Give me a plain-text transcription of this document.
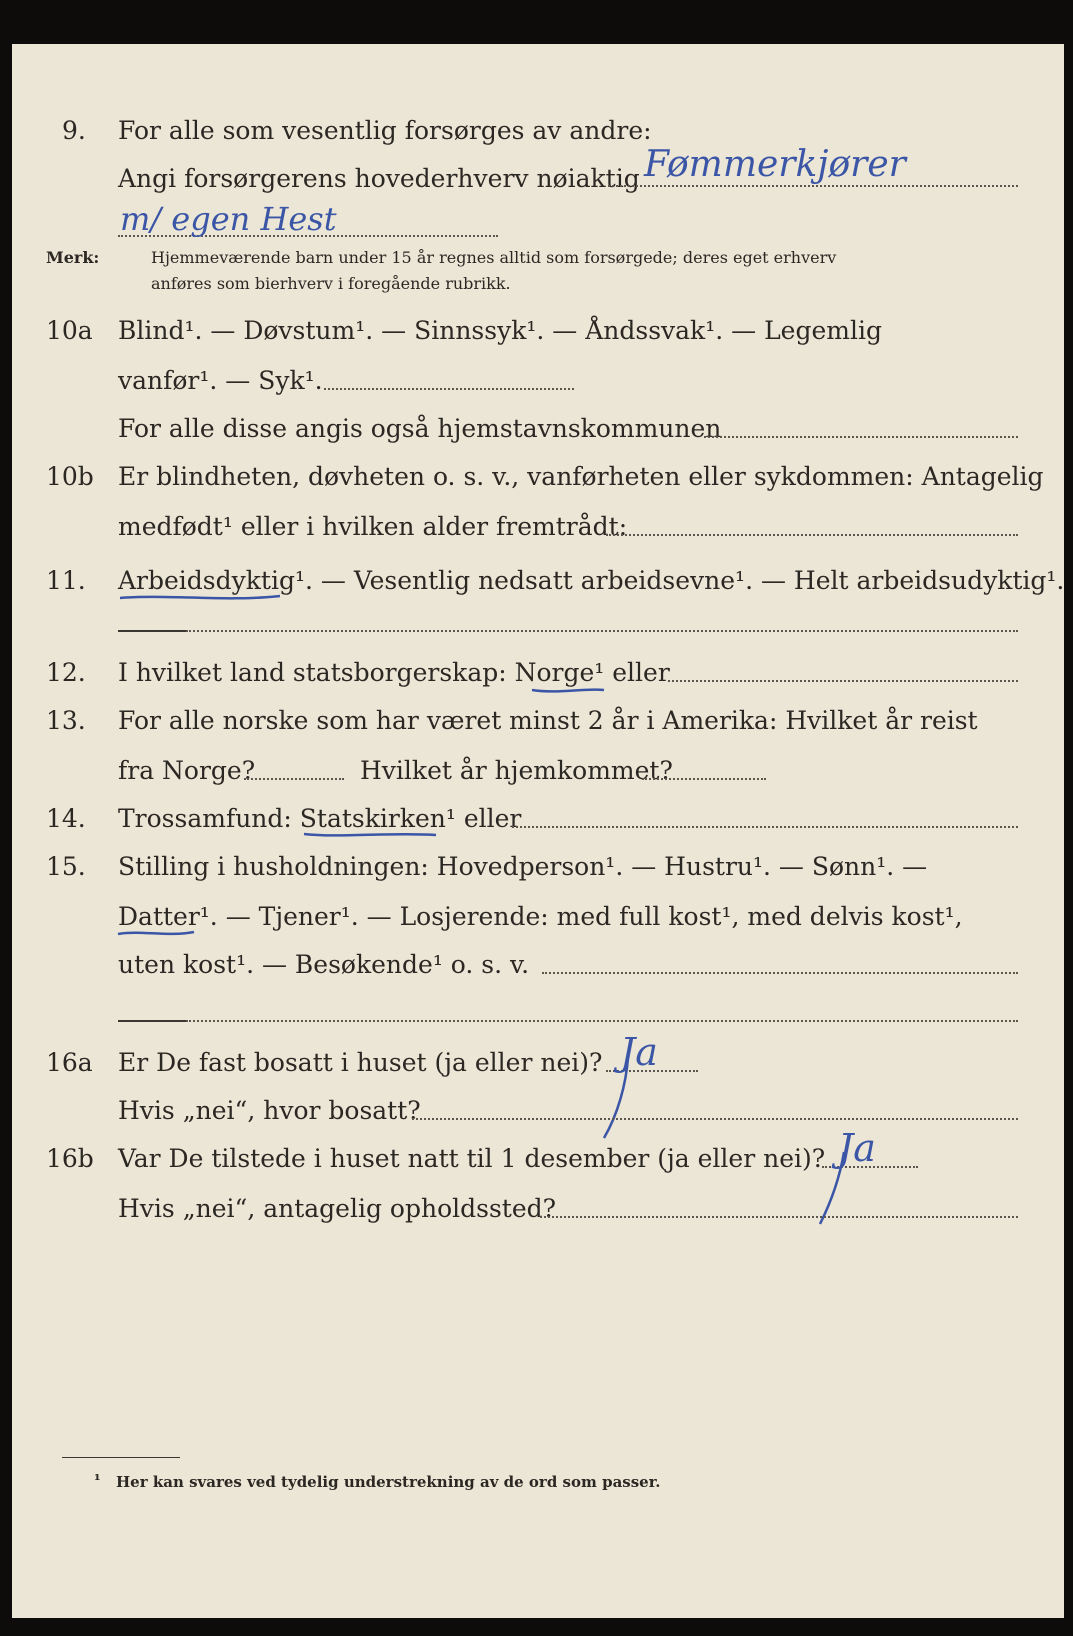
9. For alle som vesentlig forsørges av andre:
Angi forsørgerens hovederhverv nøiaktig Fømmerkjører
m/ egen Hest
Merk:	Hjemmeværende barn under 15 år regnes alltid som forsørgede; deres eget erhverv
anføres som bierhverv i foregående rubrikk.
10a Blind¹. — Døvstum¹. — Sinnssyk¹. — Åndssvak¹. — Legemlig
vanfør¹. — Syk¹.
For alle disse angis også hjemstavnskommunen
10b Er blindheten, døvheten o. s. v., vanførheten eller sykdommen: Antagelig
medfødt¹ eller i hvilken alder fremtrådt:
11. Arbeidsdyktig¹. — Vesentlig nedsatt arbeidsevne¹. — Helt arbeidsudyktig¹.
12. I hvilket land statsborgerskap: Norge¹ eller
13. For alle norske som har været minst 2 år i Amerika: Hvilket år reist
fra Norge?	Hvilket år hjemkommet?
14. Trossamfund: Statskirken¹ eller
15. Stilling i husholdningen: Hovedperson¹. — Hustru¹. — Sønn¹. —
Datter¹. — Tjener¹. — Losjerende: med full kost¹, med delvis kost¹,
uten kost¹. — Besøkende¹ o. s. v.
16a Er De fast bosatt i huset (ja eller nei)? Ja
Hvis „nei“, hvor bosatt?
16b Var De tilstede i huset natt til 1 desember (ja eller nei)? Ja
Hvis „nei“, antagelig opholdssted?
¹ Her kan svares ved tydelig understrekning av de ord som passer.
